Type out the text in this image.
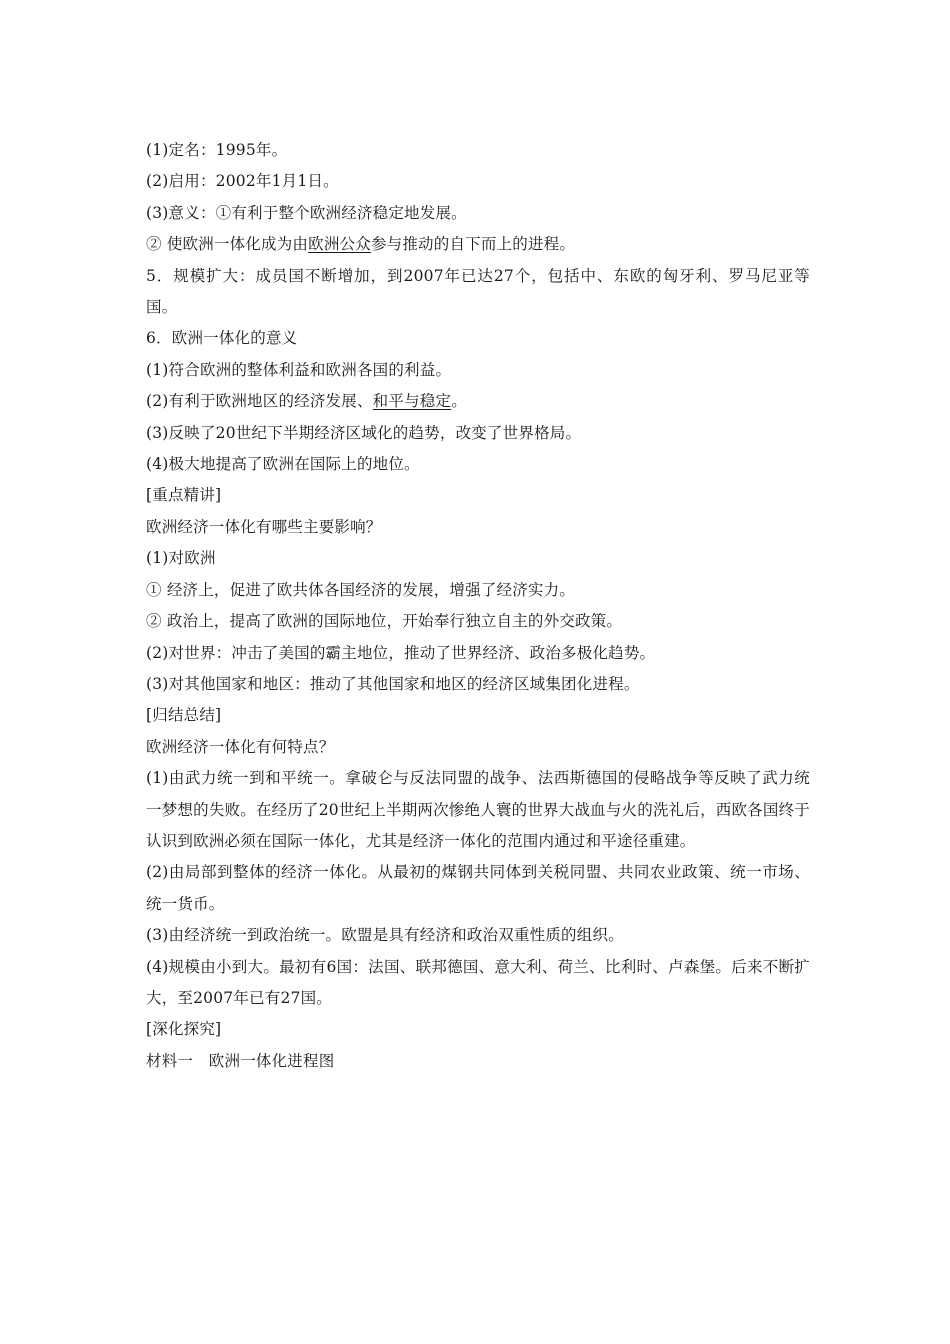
(1)定名：1995年。
(2)启用：2002年1月1日。
(3)意义：①有利于整个欧洲经济稳定地发展。
② 使欧洲一体化成为由欧洲公众参与推动的自下而上的进程。
5．规模扩大：成员国不断增加，到2007年已达27个，包括中、东欧的匈牙利、罗马尼亚等国。
6．欧洲一体化的意义
(1)符合欧洲的整体利益和欧洲各国的利益。
(2)有利于欧洲地区的经济发展、和平与稳定。
(3)反映了20世纪下半期经济区域化的趋势，改变了世界格局。
(4)极大地提高了欧洲在国际上的地位。
[重点精讲]
欧洲经济一体化有哪些主要影响？
(1)对欧洲
① 经济上，促进了欧共体各国经济的发展，增强了经济实力。
② 政治上，提高了欧洲的国际地位，开始奉行独立自主的外交政策。
(2)对世界：冲击了美国的霸主地位，推动了世界经济、政治多极化趋势。
(3)对其他国家和地区：推动了其他国家和地区的经济区域集团化进程。
[归结总结]
欧洲经济一体化有何特点？
(1)由武力统一到和平统一。拿破仑与反法同盟的战争、法西斯德国的侵略战争等反映了武力统一梦想的失败。在经历了20世纪上半期两次惨绝人寰的世界大战血与火的洗礼后，西欧各国终于认识到欧洲必须在国际一体化，尤其是经济一体化的范围内通过和平途径重建。
(2)由局部到整体的经济一体化。从最初的煤钢共同体到关税同盟、共同农业政策、统一市场、统一货币。
(3)由经济统一到政治统一。欧盟是具有经济和政治双重性质的组织。
(4)规模由小到大。最初有6国：法国、联邦德国、意大利、荷兰、比利时、卢森堡。后来不断扩大，至2007年已有27国。
[深化探究]
材料一　欧洲一体化进程图
